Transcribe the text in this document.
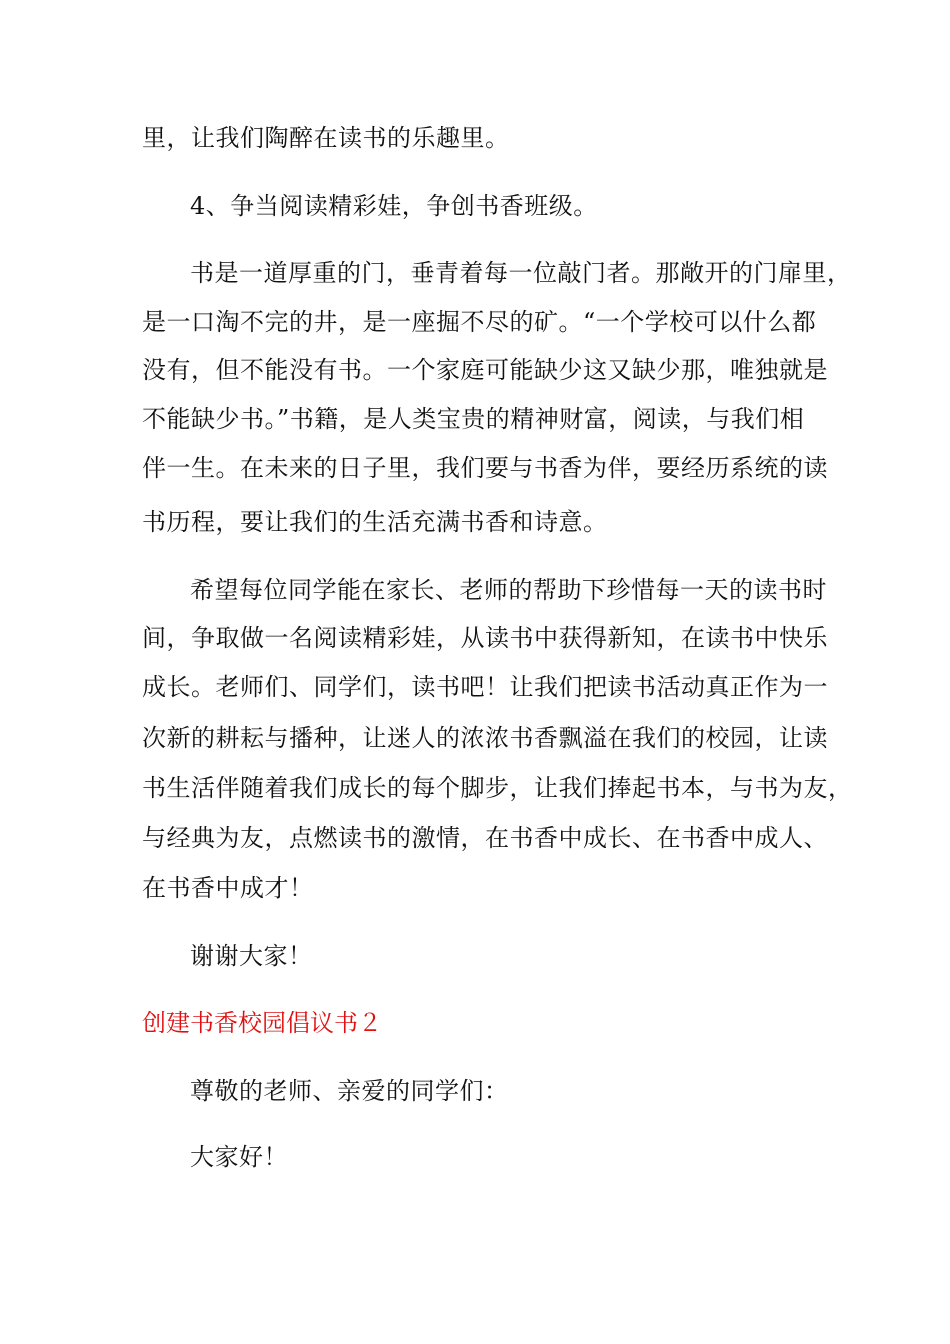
里，让我们陶醉在读书的乐趣里。
4、争当阅读精彩娃，争创书香班级。
书是一道厚重的门，垂青着每一位敲门者。那敞开的门扉里，
是一口淘不完的井，是一座掘不尽的矿。“一个学校可以什么都
没有，但不能没有书。一个家庭可能缺少这又缺少那，唯独就是
不能缺少书。”书籍，是人类宝贵的精神财富，阅读，与我们相
伴一生。在未来的日子里，我们要与书香为伴，要经历系统的读
书历程，要让我们的生活充满书香和诗意。
希望每位同学能在家长、老师的帮助下珍惜每一天的读书时
间，争取做一名阅读精彩娃，从读书中获得新知，在读书中快乐
成长。老师们、同学们，读书吧！让我们把读书活动真正作为一
次新的耕耘与播种，让迷人的浓浓书香飘溢在我们的校园，让读
书生活伴随着我们成长的每个脚步，让我们捧起书本，与书为友，
与经典为友，点燃读书的激情，在书香中成长、在书香中成人、
在书香中成才！
谢谢大家！
创建书香校园倡议书２
尊敬的老师、亲爱的同学们：
大家好！
